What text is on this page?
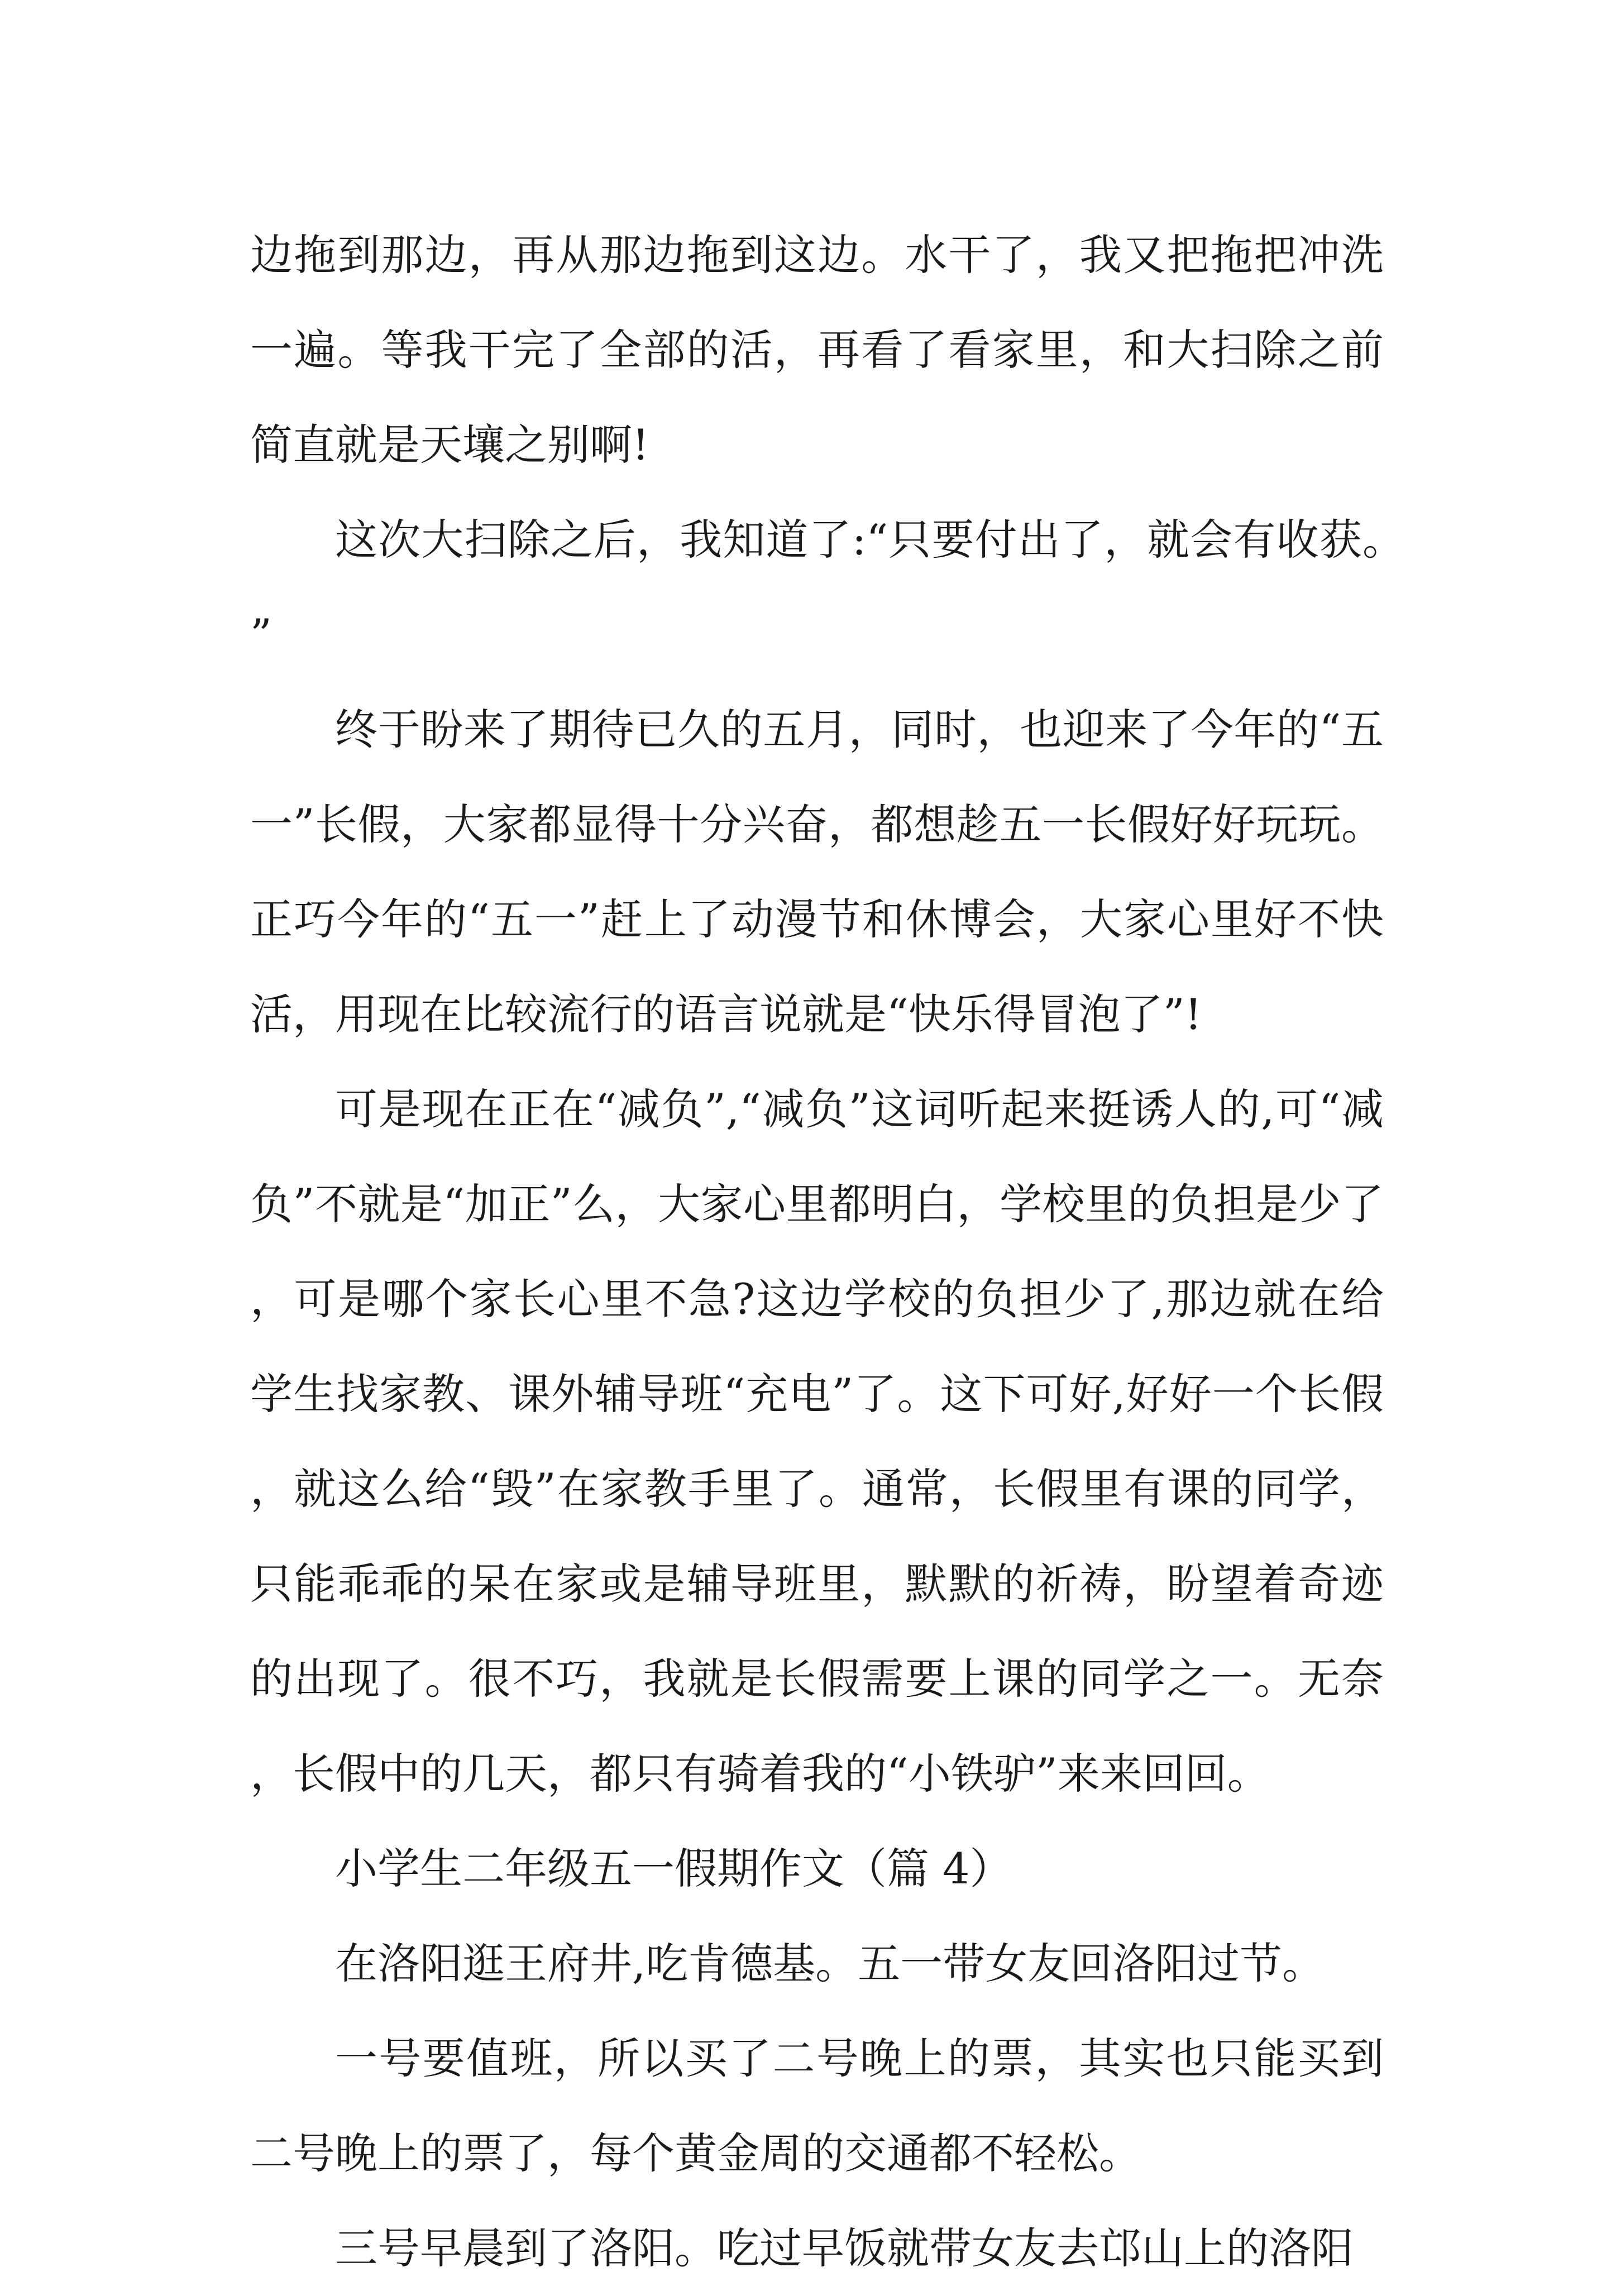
边拖到那边，再从那边拖到这边。水干了，我又把拖把冲洗一遍。等我干完了全部的活，再看了看家里，和大扫除之前简直就是天壤之别啊!

这次大扫除之后，我知道了:“只要付出了，就会有收获。”

终于盼来了期待已久的五月，同时，也迎来了今年的“五一”长假，大家都显得十分兴奋，都想趁五一长假好好玩玩。正巧今年的“五一”赶上了动漫节和休博会，大家心里好不快活，用现在比较流行的语言说就是“快乐得冒泡了”!

可是现在正在“减负”,“减负”这词听起来挺诱人的,可“减负”不就是“加正”么，大家心里都明白，学校里的负担是少了，可是哪个家长心里不急?这边学校的负担少了,那边就在给学生找家教、课外辅导班“充电”了。这下可好,好好一个长假，就这么给“毁”在家教手里了。通常，长假里有课的同学，只能乖乖的呆在家或是辅导班里，默默的祈祷，盼望着奇迹的出现了。很不巧，我就是长假需要上课的同学之一。无奈，长假中的几天，都只有骑着我的“小铁驴”来来回回。

小学生二年级五一假期作文（篇 4）

在洛阳逛王府井,吃肯德基。五一带女友回洛阳过节。

一号要值班，所以买了二号晚上的票，其实也只能买到二号晚上的票了，每个黄金周的交通都不轻松。

三号早晨到了洛阳。吃过早饭就带女友去邙山上的洛阳
